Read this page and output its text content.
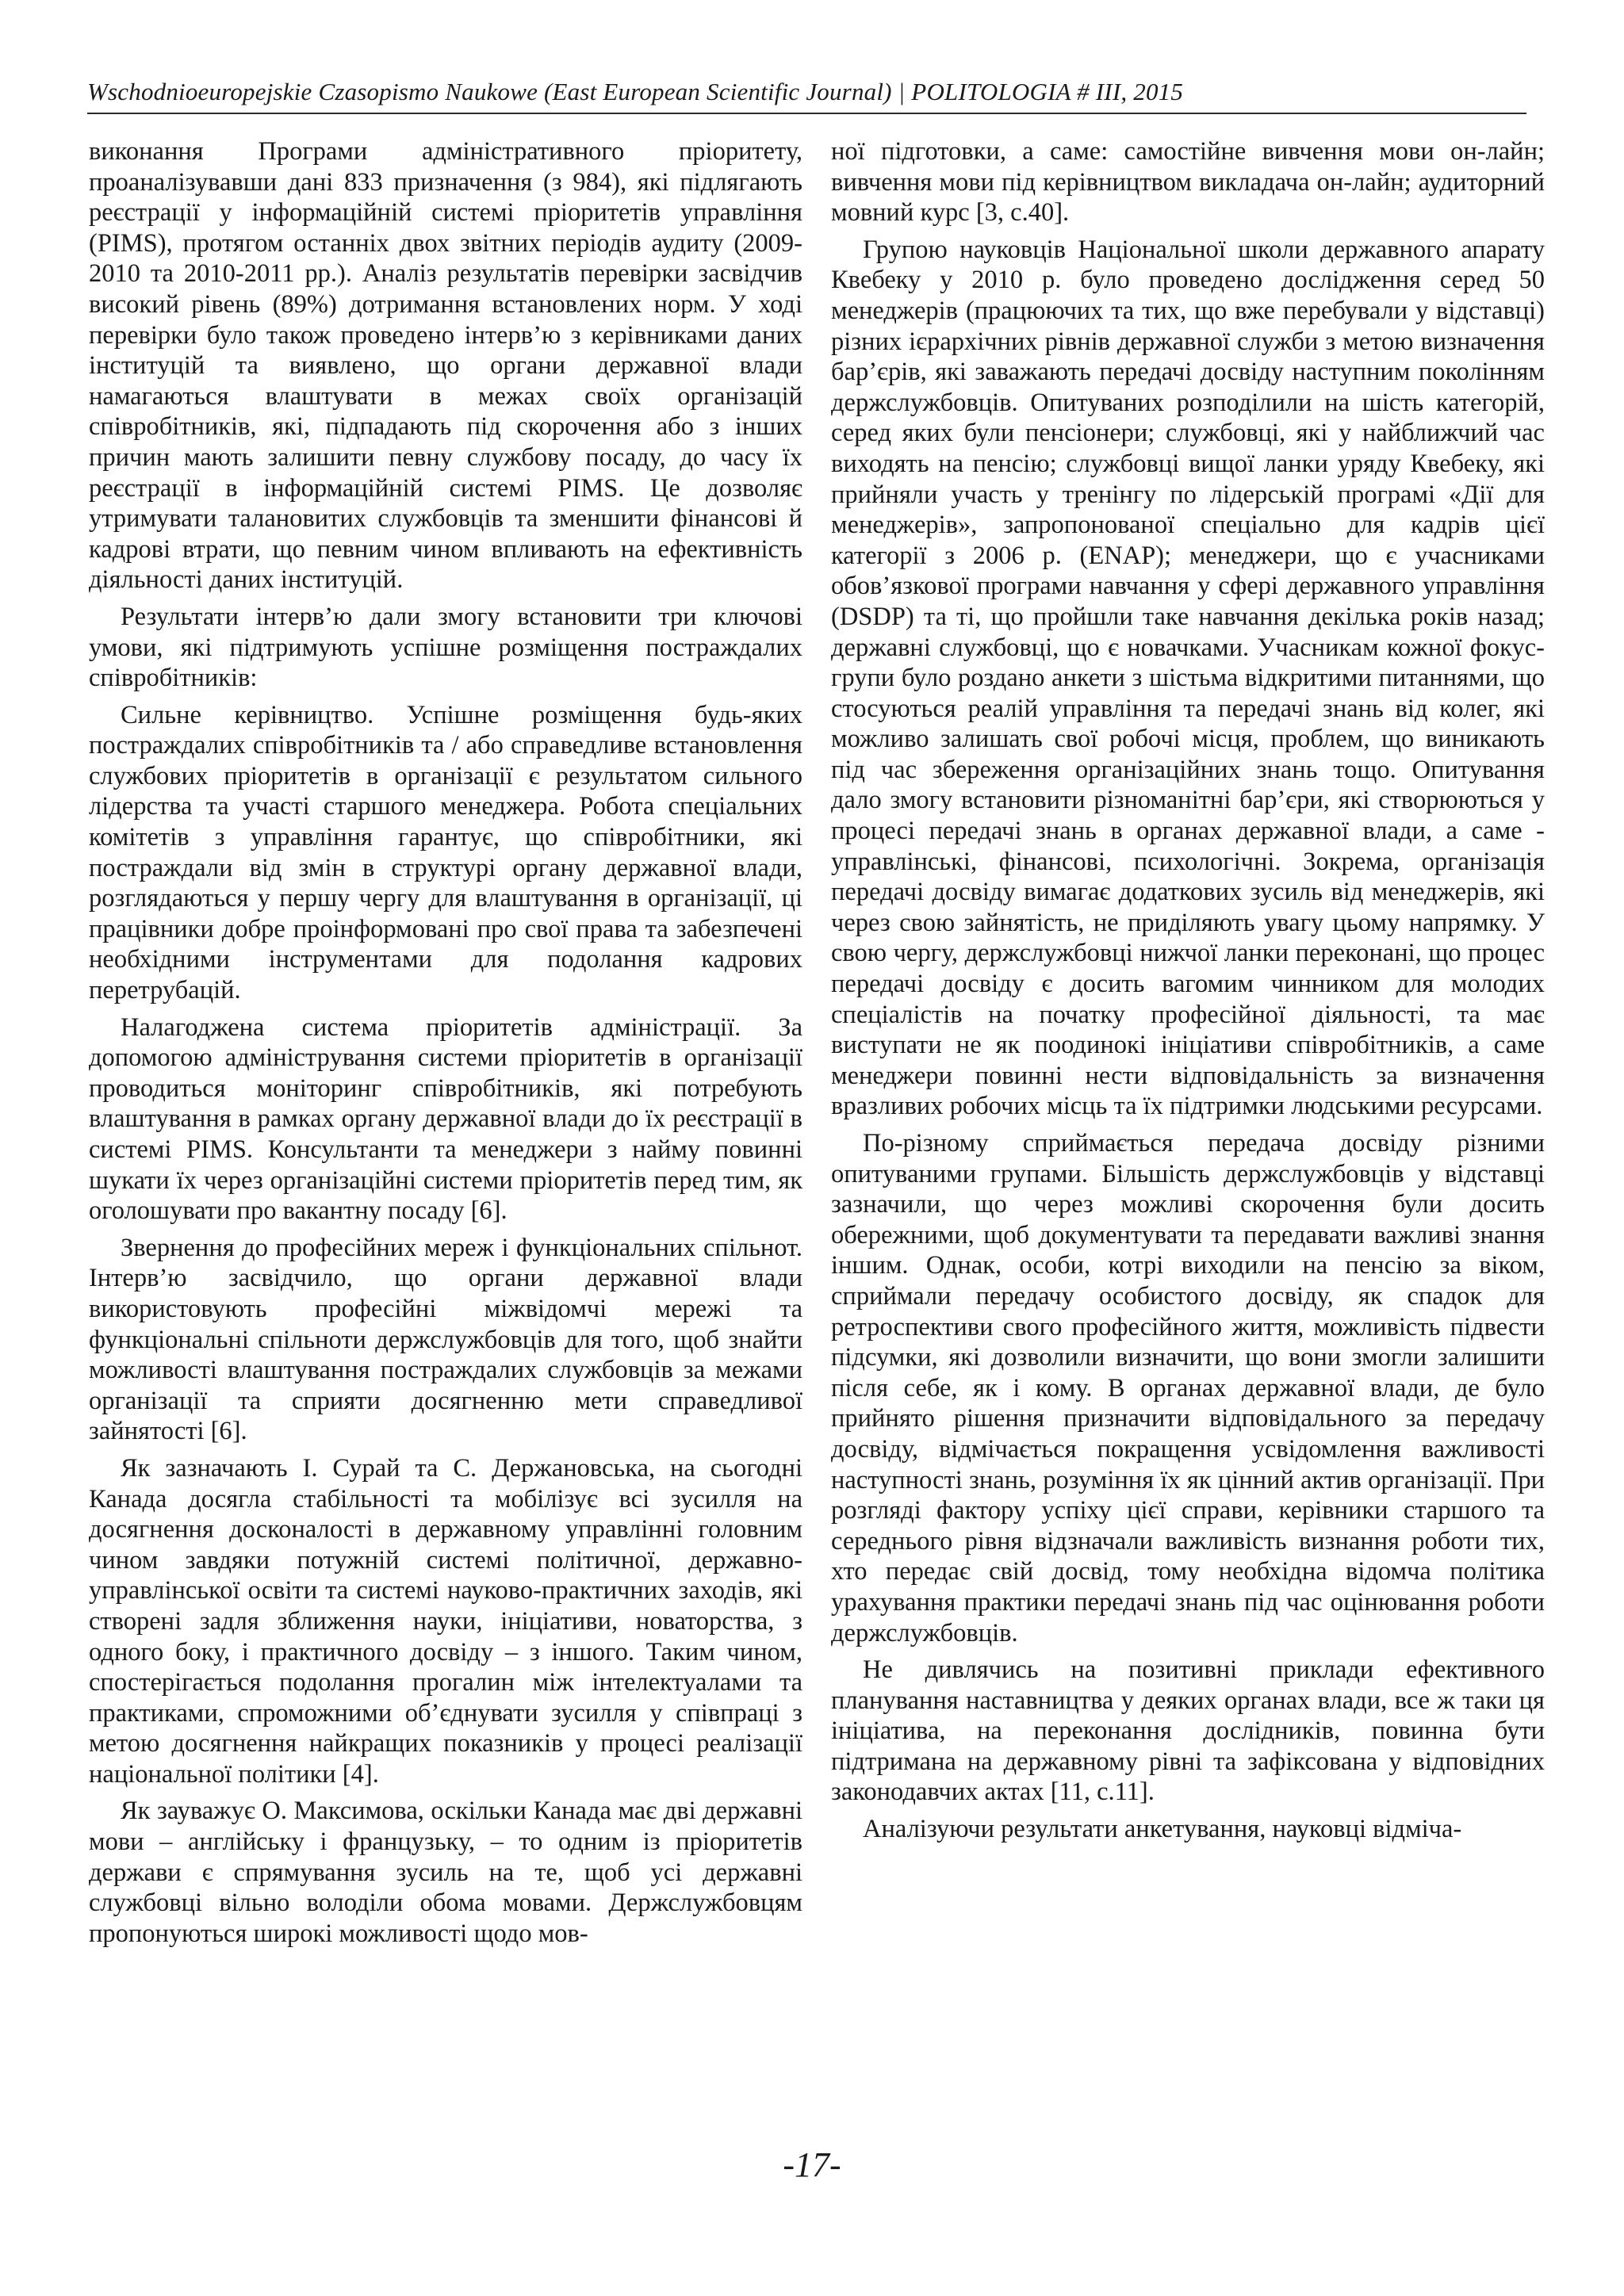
Wschodnioeuropejskie Czasopismo Naukowe (East European Scientific Journal) | POLITOLOGIA # III, 2015

виконання Програми адміністративного пріоритету, проаналізувавши дані 833 призначення (з 984), які підлягають реєстрації у інформаційній системі пріоритетів управління (PIMS), протягом останніх двох звітних періодів аудиту (2009-2010 та 2010-2011 рр.). Аналіз результатів перевірки засвідчив високий рівень (89%) дотримання встановлених норм. У ході перевірки було також проведено інтерв’ю з керівниками даних інституцій та виявлено, що органи державної влади намагаються влаштувати в межах своїх організацій співробітників, які, підпадають під скорочення або з інших причин мають залишити певну службову посаду, до часу їх реєстрації в інформаційній системі PIMS. Це дозволяє утримувати талановитих службовців та зменшити фінансові й кадрові втрати, що певним чином впливають на ефективність діяльності даних інституцій.

Результати інтерв’ю дали змогу встановити три ключові умови, які підтримують успішне розміщення постраждалих співробітників:

Сильне керівництво. Успішне розміщення будь-яких постраждалих співробітників та / або справедливе встановлення службових пріоритетів в організації є результатом сильного лідерства та участі старшого менеджера. Робота спеціальних комітетів з управління гарантує, що співробітники, які постраждали від змін в структурі органу державної влади, розглядаються у першу чергу для влаштування в організації, ці працівники добре проінформовані про свої права та забезпечені необхідними інструментами для подолання кадрових перетрубацій.

Налагоджена система пріоритетів адміністрації. За допомогою адміністрування системи пріоритетів в організації проводиться моніторинг співробітників, які потребують влаштування в рамках органу державної влади до їх реєстрації в системі PIMS. Консультанти та менеджери з найму повинні шукати їх через організаційні системи пріоритетів перед тим, як оголошувати про вакантну посаду [6].

Звернення до професійних мереж і функціональних спільнот. Інтерв’ю засвідчило, що органи державної влади використовують професійні міжвідомчі мережі та функціональні спільноти держслужбовців для того, щоб знайти можливості влаштування постраждалих службовців за межами організації та сприяти досягненню мети справедливої зайнятості [6].

Як зазначають І. Сурай та С. Держановська, на сьогодні Канада досягла стабільності та мобілізує всі зусилля на досягнення досконалості в державному управлінні головним чином завдяки потужній системі політичної, державно-управлінської освіти та системі науково-практичних заходів, які створені задля зближення науки, ініціативи, новаторства, з одного боку, і практичного досвіду – з іншого. Таким чином, спостерігається подолання прогалин між інтелектуалами та практиками, спроможними об’єднувати зусилля у співпраці з метою досягнення найкращих показників у процесі реалізації національної політики [4].

Як зауважує О. Максимова, оскільки Канада має дві державні мови – англійську і французьку, – то одним із пріоритетів держави є спрямування зусиль на те, щоб усі державні службовці вільно володіли обома мовами. Держслужбовцям пропонуються широкі можливості щодо мов-

ної підготовки, а саме: самостійне вивчення мови он-лайн; вивчення мови під керівництвом викладача он-лайн; аудиторний мовний курс [3, с.40].

Групою науковців Національної школи державного апарату Квебеку у 2010 р. було проведено дослідження серед 50 менеджерів (працюючих та тих, що вже перебували у відставці) різних ієрархічних рівнів державної служби з метою визначення бар’єрів, які заважають передачі досвіду наступним поколінням держслужбовців. Опитуваних розподілили на шість категорій, серед яких були пенсіонери; службовці, які у найближчий час виходять на пенсію; службовці вищої ланки уряду Квебеку, які прийняли участь у тренінгу по лідерській програмі «Дії для менеджерів», запропонованої спеціально для кадрів цієї категорії з 2006 р. (ENAP); менеджери, що є учасниками обов’язкової програми навчання у сфері державного управління (DSDP) та ті, що пройшли таке навчання декілька років назад; державні службовці, що є новачками. Учасникам кожної фокус-групи було роздано анкети з шістьма відкритими питаннями, що стосуються реалій управління та передачі знань від колег, які можливо залишать свої робочі місця, проблем, що виникають під час збереження організаційних знань тощо. Опитування дало змогу встановити різноманітні бар’єри, які створюються у процесі передачі знань в органах державної влади, а саме - управлінські, фінансові, психологічні. Зокрема, організація передачі досвіду вимагає додаткових зусиль від менеджерів, які через свою зайнятість, не приділяють увагу цьому напрямку. У свою чергу, держслужбовці нижчої ланки переконані, що процес передачі досвіду є досить вагомим чинником для молодих спеціалістів на початку професійної діяльності, та має виступати не як поодинокі ініціативи співробітників, а саме менеджери повинні нести відповідальність за визначення вразливих робочих місць та їх підтримки людськими ресурсами.

По-різному сприймається передача досвіду різними опитуваними групами. Більшість держслужбовців у відставці зазначили, що через можливі скорочення були досить обережними, щоб документувати та передавати важливі знання іншим. Однак, особи, котрі виходили на пенсію за віком, сприймали передачу особистого досвіду, як спадок для ретроспективи свого професійного життя, можливість підвести підсумки, які дозволили визначити, що вони змогли залишити після себе, як і кому. В органах державної влади, де було прийнято рішення призначити відповідального за передачу досвіду, відмічається покращення усвідомлення важливості наступності знань, розуміння їх як цінний актив організації. При розгляді фактору успіху цієї справи, керівники старшого та середнього рівня відзначали важливість визнання роботи тих, хто передає свій досвід, тому необхідна відомча політика урахування практики передачі знань під час оцінювання роботи держслужбовців.

Не дивлячись на позитивні приклади ефективного планування наставництва у деяких органах влади, все ж таки ця ініціатива, на переконання дослідників, повинна бути підтримана на державному рівні та зафіксована у відповідних законодавчих актах [11, с.11].

Аналізуючи результати анкетування, науковці відміча-

-17-
